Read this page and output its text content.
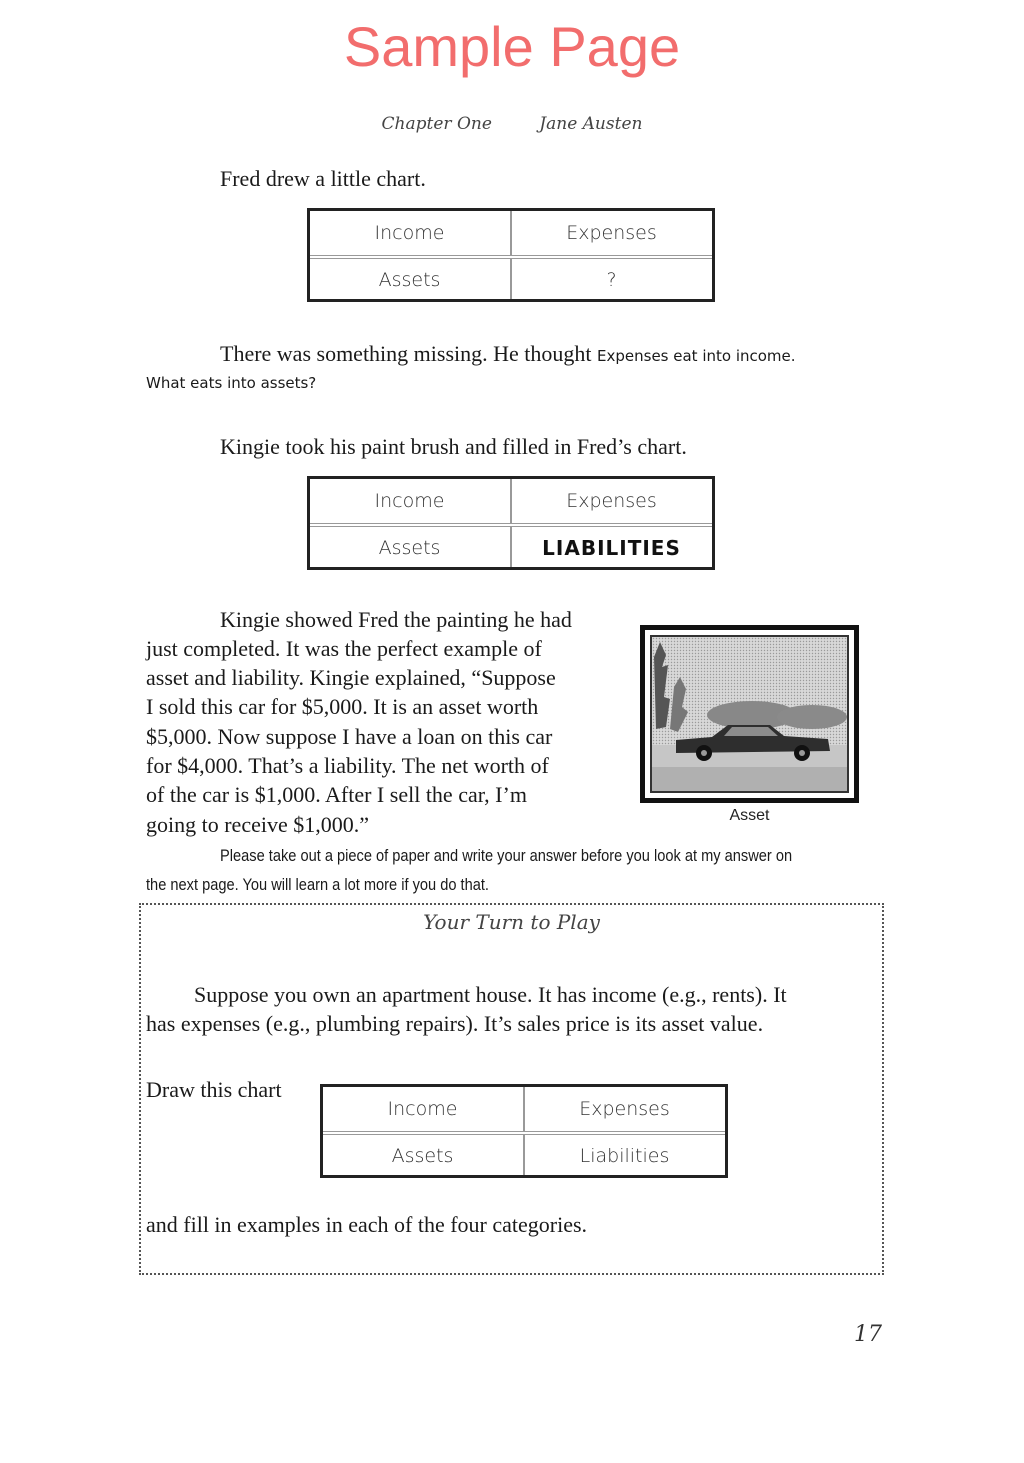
Sample Page
Chapter One	Jane Austen
Fred drew a little chart.
Income	Expenses
Assets	?
There was something missing. He thought Expenses eat into income.
What eats into assets?
Kingie took his paint brush and filled in Fred’s chart.
Income	Expenses
Assets	LIABILITIES
Kingie showed Fred the painting he had
just completed. It was the perfect example of
asset and liability. Kingie explained, “Suppose
I sold this car for $5,000. It is an asset worth
$5,000. Now suppose I have a loan on this car
for $4,000. That’s a liability. The net worth of
of the car is $1,000. After I sell the car, I’m
going to receive $1,000.”	Asset
Please take out a piece of paper and write your answer before you look at my answer on
the next page. You will learn a lot more if you do that.
Your Turn to Play
Suppose you own an apartment house. It has income (e.g., rents). It
has expenses (e.g., plumbing repairs). It’s sales price is its asset value.
Draw this chart
Income	Expenses
Assets	Liabilities
and fill in examples in each of the four categories.
17
